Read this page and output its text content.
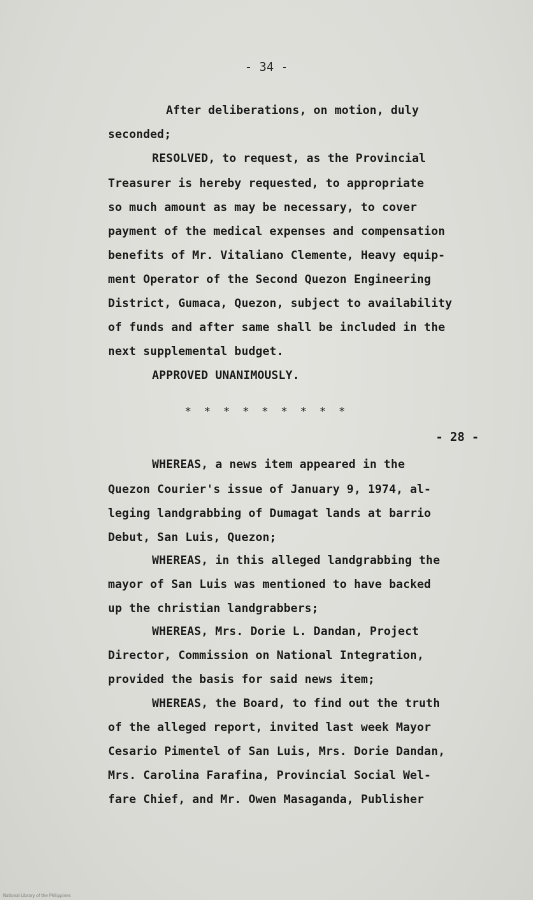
- 34 -
After deliberations, on motion, duly
seconded;
RESOLVED, to request, as the Provincial
Treasurer is hereby requested, to appropriate
so much amount as may be necessary, to cover
payment of the medical expenses and compensation
benefits of Mr. Vitaliano Clemente, Heavy equip-
ment Operator of the Second Quezon Engineering
District, Gumaca, Quezon, subject to availability
of funds and after same shall be included in the
next supplemental budget.
APPROVED UNANIMOUSLY.
* * * * * * * * *
- 28 -
WHEREAS, a news item appeared in the
Quezon Courier's issue of January 9, 1974, al-
leging landgrabbing of Dumagat lands at barrio
Debut, San Luis, Quezon;
WHEREAS, in this alleged landgrabbing the
mayor of San Luis was mentioned to have backed
up the christian landgrabbers;
WHEREAS, Mrs. Dorie L. Dandan, Project
Director, Commission on National Integration,
provided the basis for said news item;
WHEREAS, the Board, to find out the truth
of the alleged report, invited last week Mayor
Cesario Pimentel of San Luis, Mrs. Dorie Dandan,
Mrs. Carolina Farafina, Provincial Social Wel-
fare Chief, and Mr. Owen Masaganda, Publisher
National Library of the Philippines
